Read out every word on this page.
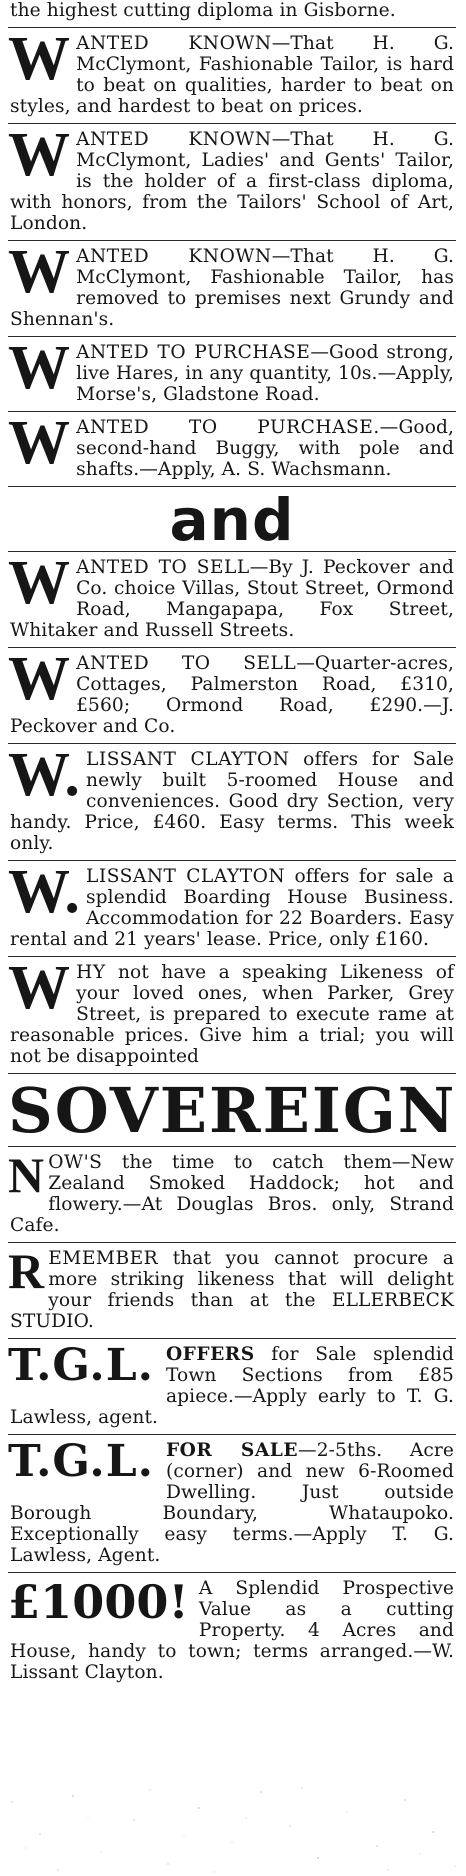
the highest cutting diploma in Gisborne.
WANTED KNOWN—That H. G. McClymont, Fashionable Tailor, is hard to beat on qualities, harder to beat on styles, and hardest to beat on prices.
WANTED KNOWN—That H. G. McClymont, Ladies' and Gents' Tailor, is the holder of a first-class diploma, with honors, from the Tailors' School of Art, London.
WANTED KNOWN—That H. G. McClymont, Fashionable Tailor, has removed to premises next Grundy and Shennan's.
WANTED TO PURCHASE—Good strong, live Hares, in any quantity, 10s.—Apply, Morse's, Gladstone Road.
WANTED TO PURCHASE.—Good, second-hand Buggy, with pole and shafts.—Apply, A. S. Wachsmann.
and
WANTED TO SELL—By J. Peckover and Co. choice Villas, Stout Street, Ormond Road, Mangapapa, Fox Street, Whitaker and Russell Streets.
WANTED TO SELL—Quarter-acres, Cottages, Palmerston Road, £310, £560; Ormond Road, £290.—J. Peckover and Co.
W. LISSANT CLAYTON offers for Sale newly built 5-roomed House and conveniences. Good dry Section, very handy. Price, £460. Easy terms. This week only.
W. LISSANT CLAYTON offers for sale a splendid Boarding House Business. Accommodation for 22 Boarders. Easy rental and 21 years' lease. Price, only £160.
WHY not have a speaking Likeness of your loved ones, when Parker, Grey Street, is prepared to execute rame at reasonable prices. Give him a trial; you will not be disappointed
SOVEREIGN
NOW'S the time to catch them—New Zealand Smoked Haddock; hot and flowery.—At Douglas Bros. only, Strand Cafe.
REMEMBER that you cannot procure a more striking likeness that will delight your friends than at the ELLERBECK STUDIO.
T.G.L. OFFERS for Sale splendid Town Sections from £85 apiece.—Apply early to T. G. Lawless, agent.
T.G.L. FOR SALE—2-5ths. Acre (corner) and new 6-Roomed Dwelling. Just outside Borough Boundary, Whataupoko. Exceptionally easy terms.—Apply T. G. Lawless, Agent.
£1000! A Splendid Prospective Value as a cutting Property. 4 Acres and House, handy to town; terms arranged.—W. Lissant Clayton.
